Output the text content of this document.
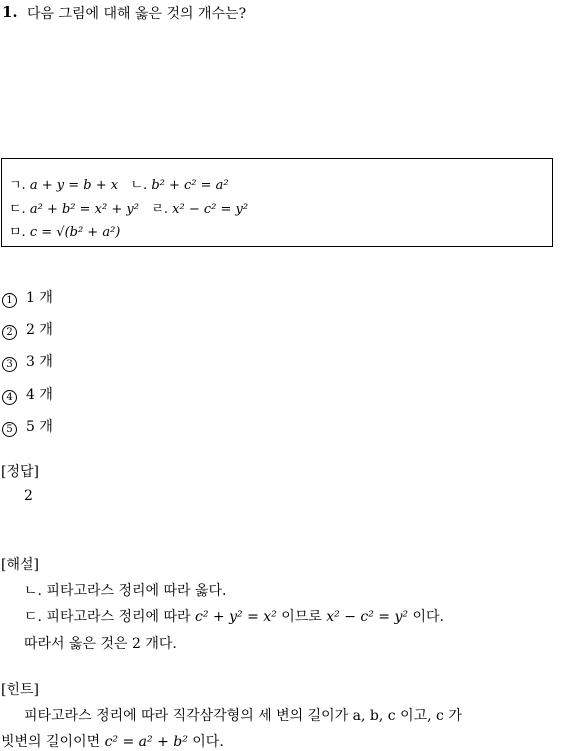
1. 다음 그림에 대해 옳은 것의 개수는?
ㄱ. a + y = b + x ㄴ. b² + c² = a²
ㄷ. a² + b² = x² + y² ㄹ. x² − c² = y²
ㅁ. c = √(b² + a²)
1 1 개
2 2 개
3 3 개
4 4 개
5 5 개
[정답]
2
[해설]
ㄴ. 피타고라스 정리에 따라 옳다.
ㄷ. 피타고라스 정리에 따라 c² + y² = x² 이므로 x² − c² = y² 이다.
따라서 옳은 것은 2 개다.
[힌트]
피타고라스 정리에 따라 직각삼각형의 세 변의 길이가 a, b, c 이고, c 가
빗변의 길이이면 c² = a² + b² 이다.
